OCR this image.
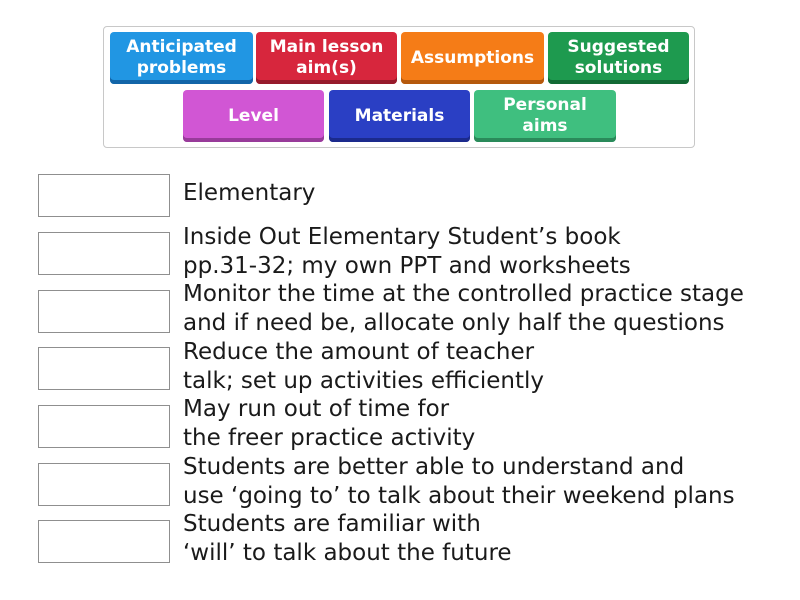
Anticipated
problems
Main lesson
aim(s)
Assumptions
Suggested
solutions
Level	Materials
Personal
aims
Elementary
Inside Out Elementary Student’s book
pp.31-32; my own PPT and worksheets
Monitor the time at the controlled practice stage
and if need be, allocate only half the questions
Reduce the amount of teacher
talk; set up activities efficiently
May run out of time for
the freer practice activity
Students are better able to understand and
use ‘going to’ to talk about their weekend plans
Students are familiar with
‘will’ to talk about the future
